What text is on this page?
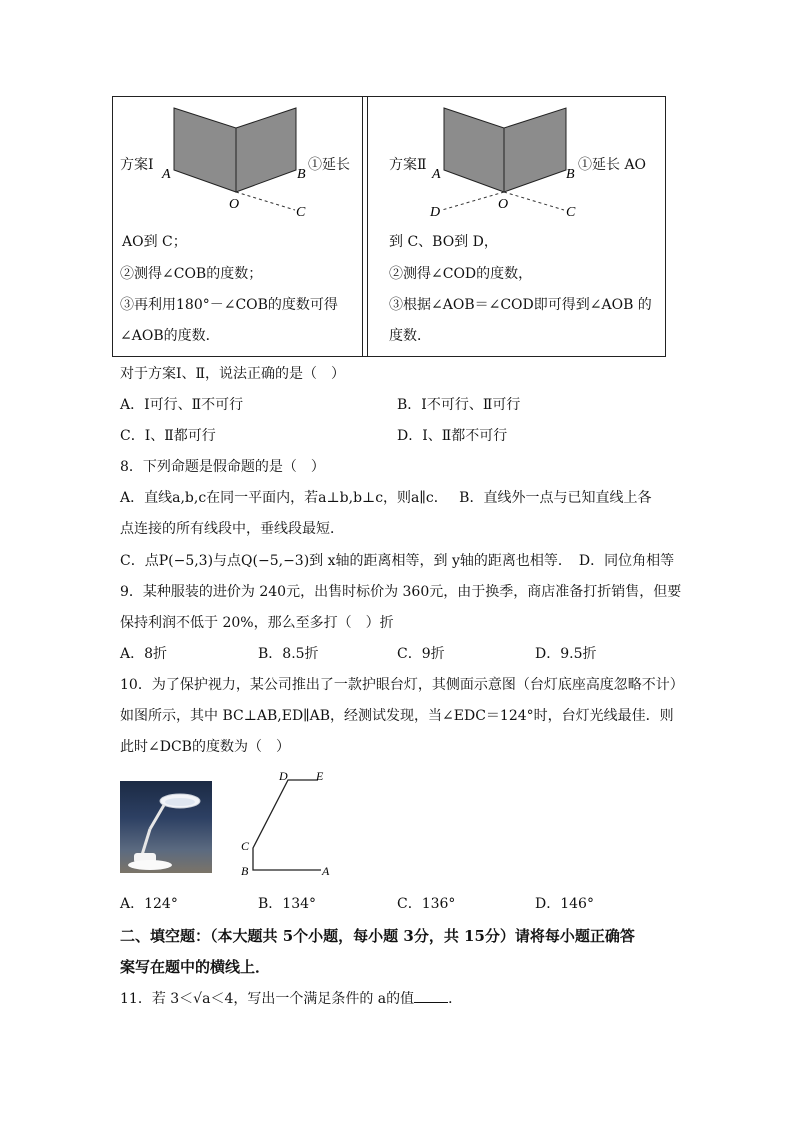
A	B
O
C
方案Ⅰ	①延长
AO到 C；
②测得∠COB的度数；
③再利用180°－∠COB的度数可得
∠AOB的度数．
A	B
O
C
D
方案Ⅱ	①延长 AO
到 C、BO到 D，
②测得∠COD的度数，
③根据∠AOB＝∠COD即可得到∠AOB 的
度数．
对于方案Ⅰ、Ⅱ，说法正确的是（　）
A．Ⅰ可行、Ⅱ不可行	B．Ⅰ不可行、Ⅱ可行
C．Ⅰ、Ⅱ都可行	D．Ⅰ、Ⅱ都不可行
8．下列命题是假命题的是（　）
A．直线a,b,c在同一平面内，若a⊥b,b⊥c，则a∥c．　 B．直线外一点与已知直线上各
点连接的所有线段中，垂线段最短．
C．点P(−5,3)与点Q(−5,−3)到 x轴的距离相等，到 y轴的距离也相等．　D．同位角相等
9．某种服装的进价为 240元，出售时标价为 360元，由于换季，商店准备打折销售，但要
保持利润不低于 20%，那么至多打（　）折
A．8折	B．8.5折	C．9折	D．9.5折
10．为了保护视力，某公司推出了一款护眼台灯，其侧面示意图（台灯底座高度忽略不计）
如图所示，其中 BC⊥AB,ED∥AB，经测试发现，当∠EDC＝124°时，台灯光线最佳．则
此时∠DCB的度数为（　）
D E
C
B	A
A．124°	B．134°	C．136°	D．146°
二、填空题：（本大题共 5个小题，每小题 3分，共 15分）请将每小题正确答
案写在题中的横线上．
11．若 3＜√a＜4，写出一个满足条件的 a的值 ．
